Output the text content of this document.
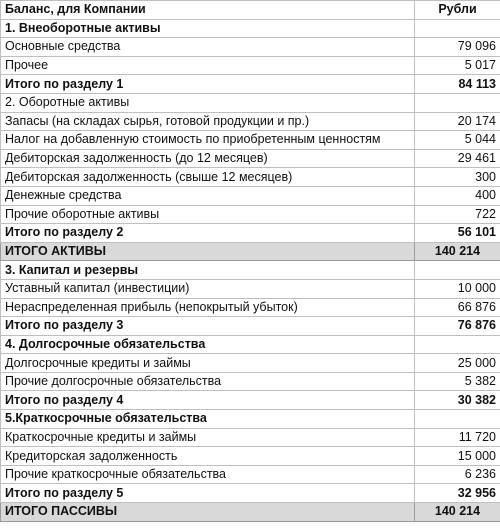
Баланс, для Компании	Рубли
1. Внеоборотные активы	
Основные средства	79 096
Прочее	5 017
Итого по разделу 1	84 113
2. Оборотные активы	
Запасы (на складах сырья, готовой продукции и пр.)	20 174
Налог на добавленную стоимость по приобретенным ценностям	5 044
Дебиторская задолженность (до 12 месяцев)	29 461
Дебиторская задолженность (свыше 12 месяцев)	300
Денежные средства	400
Прочие оборотные активы	722
Итого по разделу 2	56 101
ИТОГО АКТИВЫ	140 214
3. Капитал и резервы	
Уставный капитал (инвестиции)	10 000
Нераспределенная прибыль (непокрытый убыток)	66 876
Итого по разделу 3	76 876
4. Долгосрочные обязательства	
Долгосрочные кредиты и займы	25 000
Прочие долгосрочные обязательства	5 382
Итого по разделу 4	30 382
5.Краткосрочные обязательства	
Краткосрочные кредиты и займы	11 720
Кредиторская задолженность	15 000
Прочие краткосрочные обязательства	6 236
Итого по разделу 5	32 956
ИТОГО ПАССИВЫ	140 214
